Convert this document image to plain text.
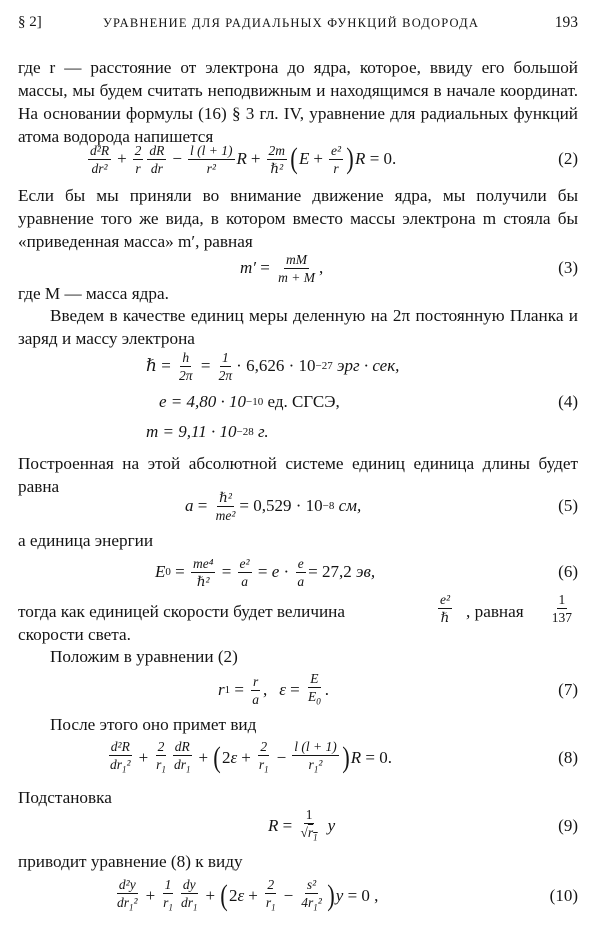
§ 2]	УРАВНЕНИЕ ДЛЯ РАДИАЛЬНЫХ ФУНКЦИЙ ВОДОРОДА	193

где r — расстояние от электрона до ядра, которое, ввиду его большой массы, мы будем считать неподвижным и находящимся в начале координат. На основании формулы (16) § 3 гл. IV, уравнение для радиальных функций атома водорода напишется

d²R
$dr^2 + \frac{2}{r}$ dR
dr − $\frac{l (l + 1)}{\text{r²}}$ R + 2m
ℏ² ( $E + \frac{\text{e²}}{r}$ ) R = 0.	(2)

Если бы мы приняли во внимание движение ядра, мы получили бы уравнение того же вида, в котором вместо массы электрона m стояла бы «приведенная масса» m′, равная

m′ = mM
m + M ,	(3)

где M — масса ядра.

Введем в качестве единиц меры деленную на 2π постоянную Планка и заряд и массу электрона

ℏ = h
2π = 1
2π · 6,626 · 10 −27
эрг · сек,
e = 4,80 · 10 −10
ед. СГСЭ,	(4)
m = 9,11 · 10 −28
г.

Построенная на этой абсолютной системе единиц единица длины будет равна

a = ℏ²
me² = 0,529 · 10 −8
см,	(5)

а единица энергии

E 0 = me⁴
ℏ² = e²
$a = e \cdot \frac{e}{a} = 27,2$
эв,	(6)
тогда как единицей скорости будет величина
e²
ℏ , равная
1
137

скорости света.

Положим в уравнении (2)

r 1 = r
a , ε =
E
$E_0$
.	(7)

После этого оно примет вид

d²R
$dr_1^2 + \frac{2}{r_1}$ dR
$dr_1$
+ ( 2 $\varepsilon + \frac{2}{r_1} - \frac{l (l + 1)}{r_1^2}$ ) R = 0.	(8)

Подстановка

R =
1
$√r_1$
y	(9)

приводит уравнение (8) к виду

d²y
$dr_1^2 + \frac{1}{r_1}$ dy
$dr_1$
+ ( 2 $\varepsilon + \frac{2}{r_1} - \frac{\text{s²}}{4r_1^2}$ ) y = 0 ,	(10)
